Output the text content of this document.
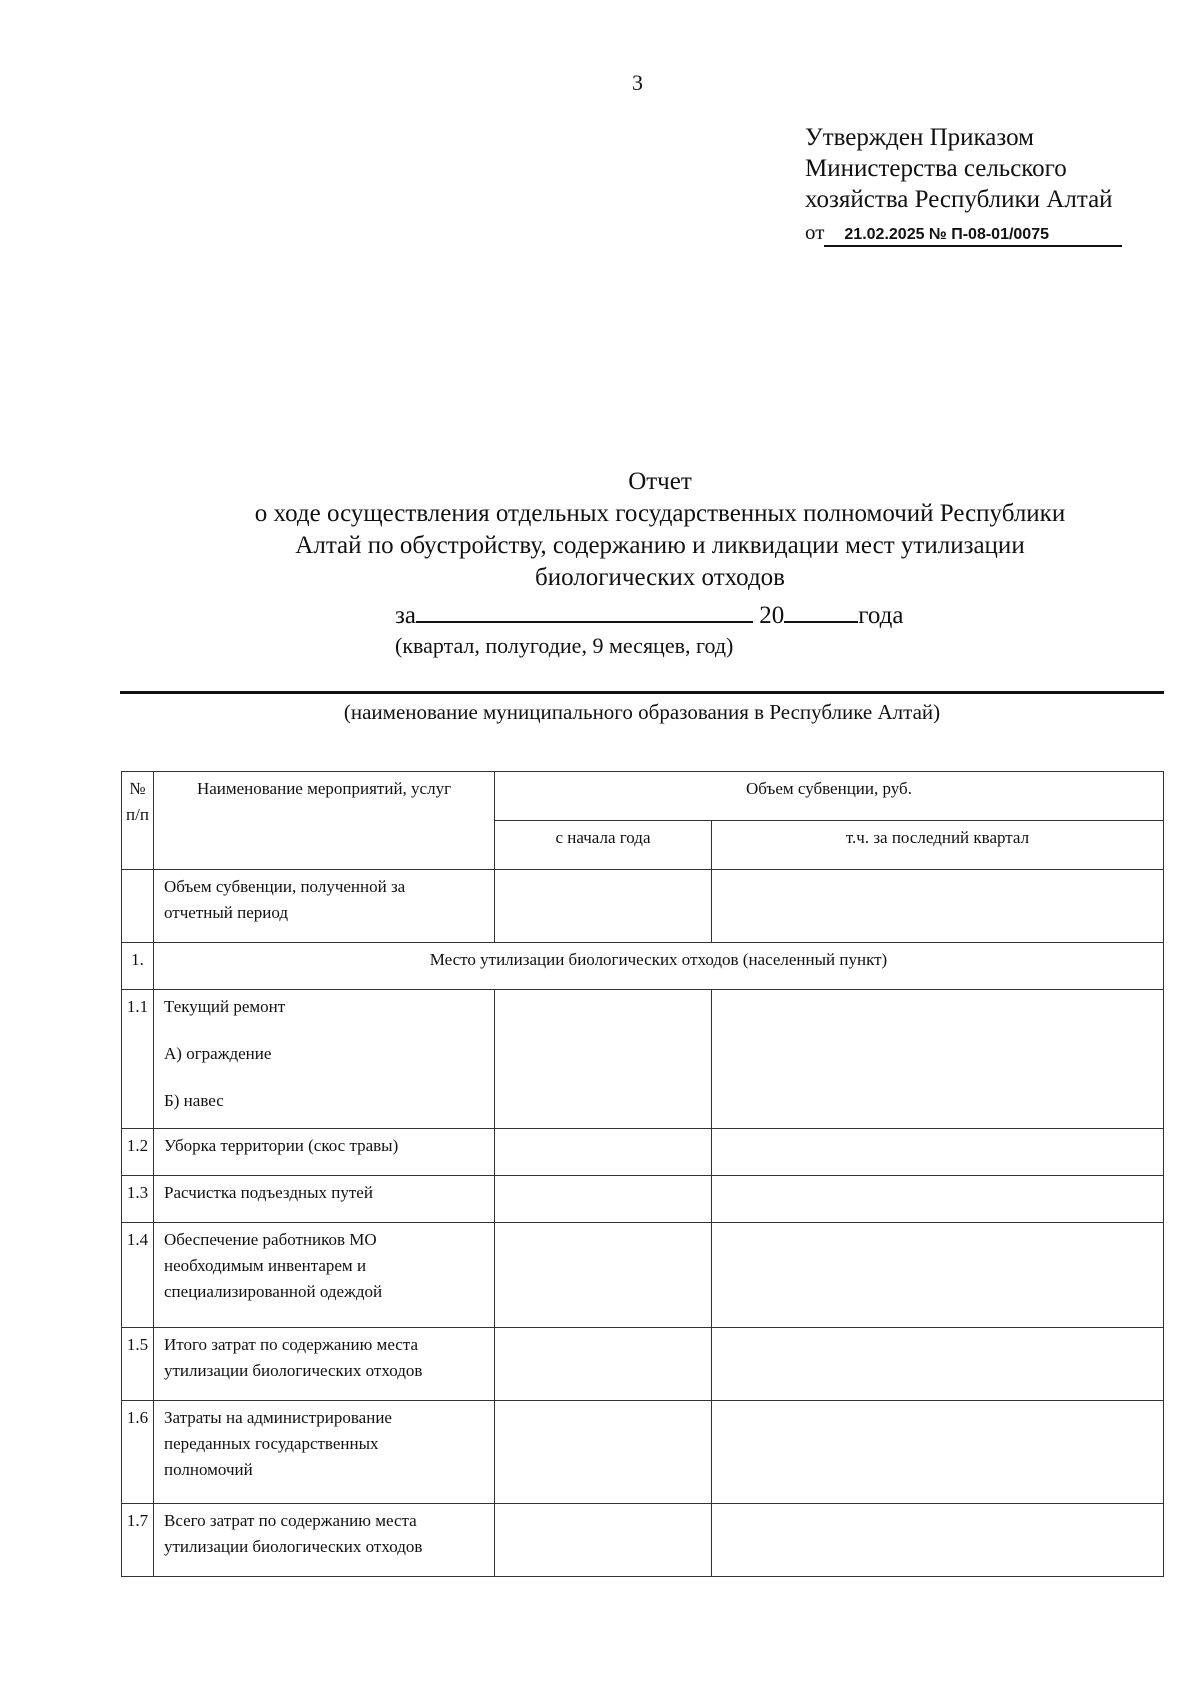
3
Утвержден Приказом
Министерства сельского
хозяйства Республики Алтай
от 21.02.2025 № П-08-01/0075
Отчет
о ходе осуществления отдельных государственных полномочий Республики
Алтай по обустройству, содержанию и ликвидации мест утилизации
биологических отходов
за	20	года
(квартал, полугодие, 9 месяцев, год)
(наименование муниципального образования в Республике Алтай)
№ п/п	Наименование мероприятий, услуг	Объем субвенции, руб.	
		с начала года	т.ч. за последний квартал

	Объем субвенции, полученной за
отчетный период		

1.	Место утилизации биологических отходов (населенный пункт)		
1.1	Текущий ремонт
А) ограждение
Б) навес		

1.2	Уборка территории (скос травы)		
1.3	Расчистка подъездных путей		
1.4	Обеспечение работников МО
необходимым инвентарем и
специализированной одеждой		

1.5	Итого затрат по содержанию места
утилизации биологических отходов		

1.6	Затраты на администрирование
переданных государственных
полномочий		

1.7	Всего затрат по содержанию места
утилизации биологических отходов		
